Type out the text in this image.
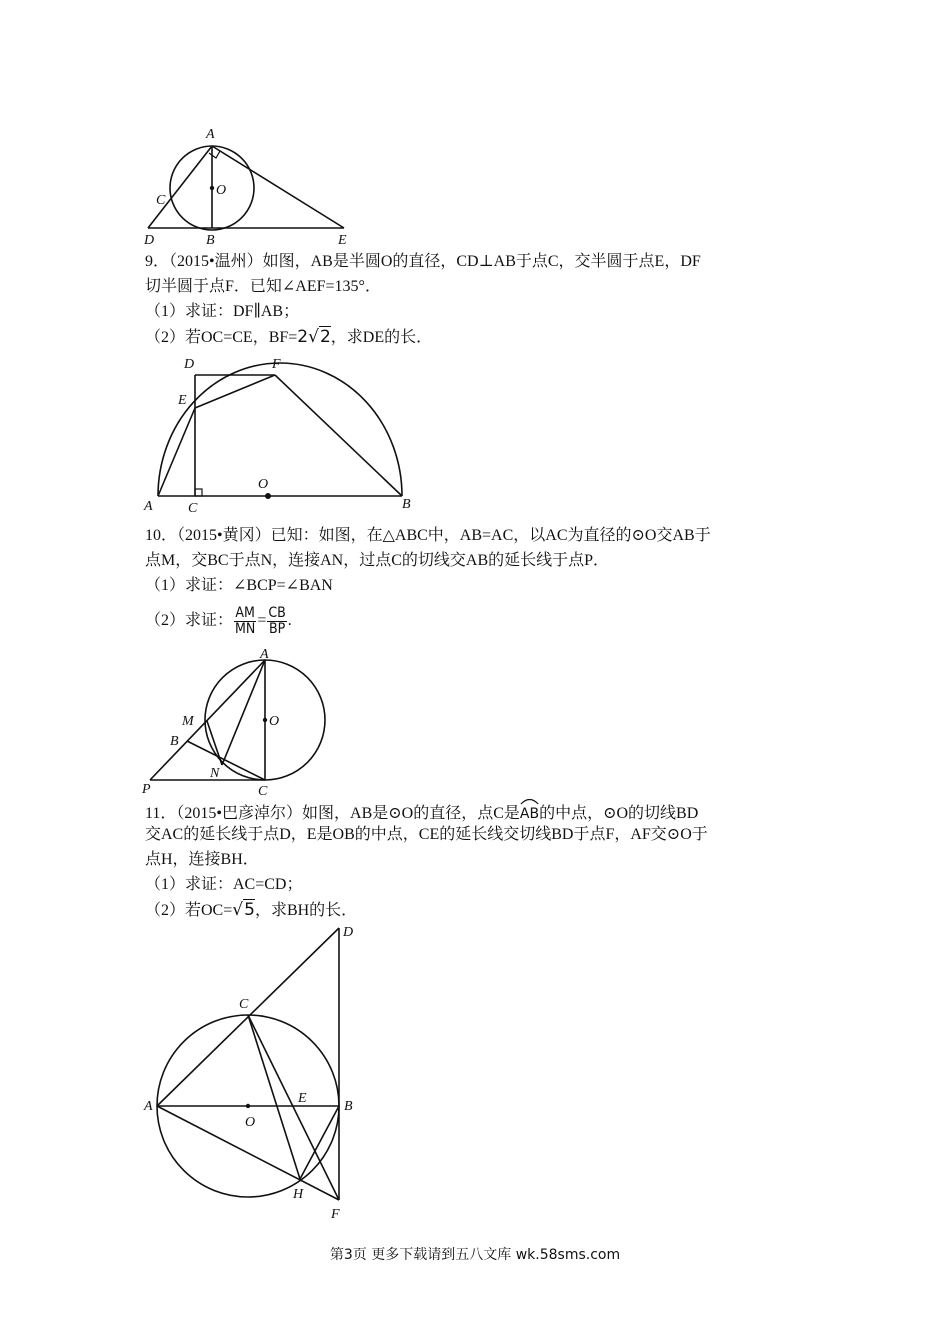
A
O
C
D	B	E
9．（2015•温州）如图，AB是半圆O的直径，CD⊥AB于点C，交半圆于点E，DF
切半圆于点F．已知∠AEF=135°．
（1）求证：DF∥AB；
（2）若OC=CE，BF=2√2，求DE的长．
D	F
E
O
A	C	B
10．（2015•黄冈）已知：如图，在△ABC中，AB=AC，以AC为直径的⊙O交AB于
点M，交BC于点N，连接AN，过点C的切线交AB的延长线于点P．
（1）求证：∠BCP=∠BAN
（2）求证： $\frac{AM}{MN} = \frac{CB}{BP}$ .
A
O
M
B
N
P	C
11．（2015•巴彦淖尔）如图，AB是⊙O的直径，点C是
AB的中点，⊙O的切线BD
交AC的延长线于点D，E是OB的中点，CE的延长线交切线BD于点F，AF交⊙O于
点H，连接BH．
（1）求证：AC=CD；
（2）若OC=√5，求BH的长．
D
C
A
O
E
B
H
F
第3页 更多下载请到五八文库 wk.58sms.com
